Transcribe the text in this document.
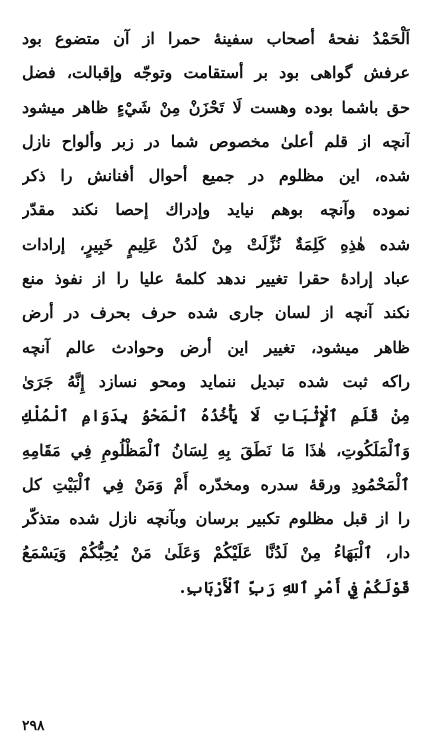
اَلْحَمْدُ نفحهٔ أصحاب سفينهٔ حمرا از آن متضوع بود
عرفش گواهی بود بر أستقامت وتوجّه وإقبالت، فضل
حق باشما بوده وهست لَا تَحْزَنْ مِنْ شَيْءٍ ظاهر ميشود
آنچه از قلم أعلیٰ مخصوص شما در زبر وألواح نازل
شده، اين مظلوم در جميع أحوال أفنانش را ذكر
نموده وآنچه بوهم نيايد وإدراك إحصا نكند مقدّر
شده هٰذِهِ كَلِمَةٌ نُزِّلَتْ مِنْ لَدُنْ عَلِيمٍ خَبِيرٍ، إرادات
عباد إرادهٔ حقرا تغيير ندهد كلمهٔ عليا را از نفوذ منع
نكند آنچه از لسان جاری شده حرف بحرف در أرض
ظاهر ميشود، تغيير اين أرض وحوادث عالم آنچه
راكه ثبت شده تبديل ننمايد ومحو نسازد إِنَّهُ جَرَیٰ
مِنْ قَلَمِ ٱلْإِثْبَاتِ لَا يَأْخُذُهُ ٱلْمَحْوُ بِدَوَامِ ٱلْمُلْكِ
وَٱلْمَلَكُوتِ، هٰذَا مَا نَطَقَ بِهِ لِسَانُ ٱلْمَظْلُومِ فِي مَقَامِهِ
ٱلْمَحْمُودِ ورقهٔ سدره ومخدّره أَمْ وَمَنْ فِي ٱلْبَيْتِ كل
را از قبل مظلوم تكبير برسان وبآنچه نازل شده متذكّر
دار، ٱلْبَهَاءُ مِنْ لَدُنَّا عَلَيْكُمْ وَعَلَىٰ مَنْ يُحِبُّكُمْ وَيَسْمَعُ
قَوْلَكُمْ فِي أَمْرِ ٱللهِ رَبِّ ٱلْأَرْبَابِ.
٢٩٨
